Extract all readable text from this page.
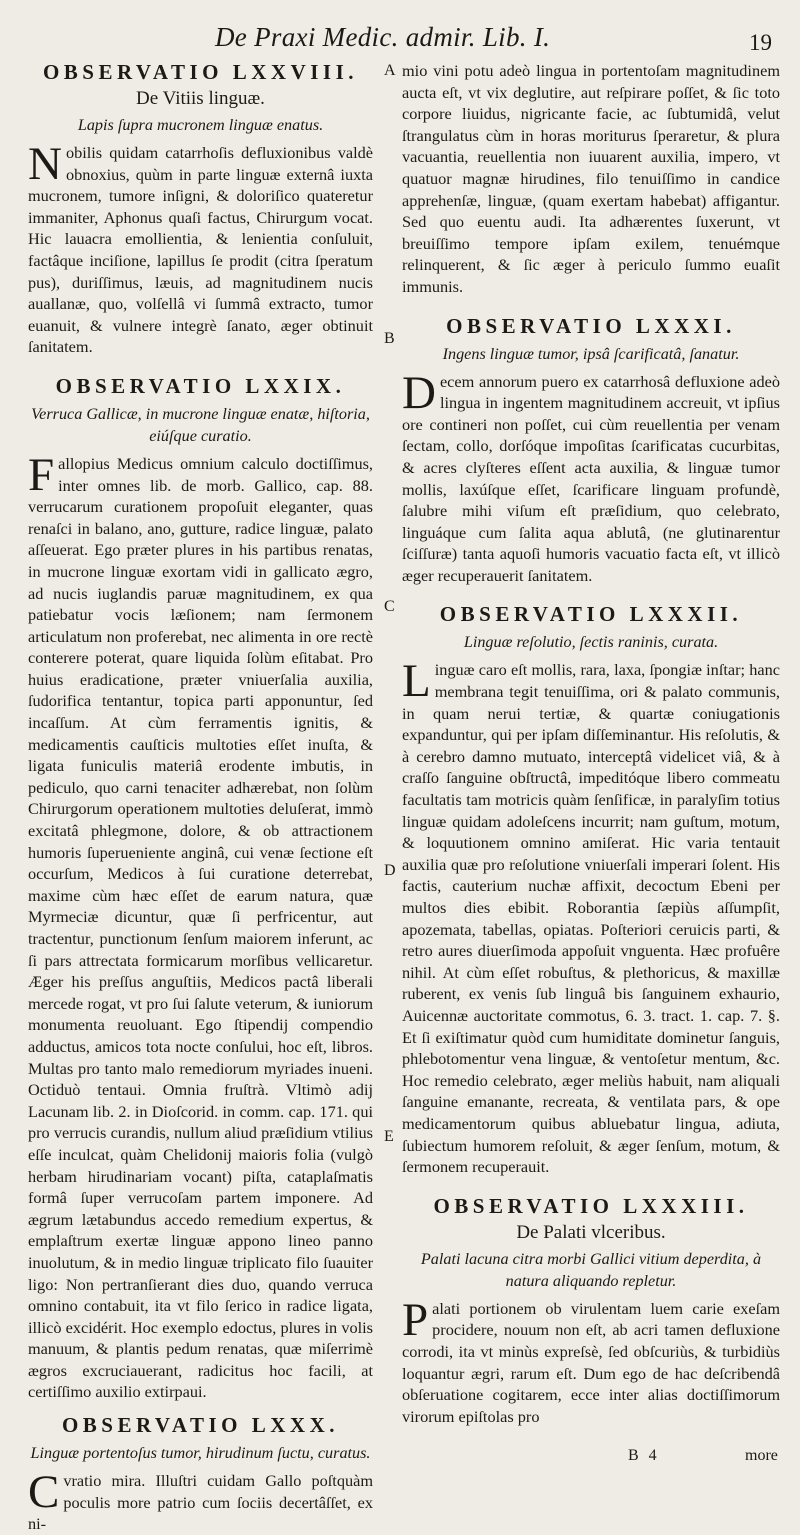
De Praxi Medic. admir. Lib. I.	19
A
B
C
D
E
OBSERVATIO LXXVIII.
De Vitiis linguæ.
Lapis ſupra mucronem linguæ enatus.

Nobilis quidam catarrhoſis defluxionibus valdè obnoxius, quùm in parte linguæ externâ iuxta mucronem, tumore inſigni, & doloriſico quateretur immaniter, Aphonus quaſi factus, Chirurgum vocat. Hic lauacra emollientia, & lenientia conſuluit, factâque inciſione, lapillus ſe prodit (citra ſperatum pus), duriſſimus, læuis, ad magnitudinem nucis auallanæ, quo, volſellâ vi ſummâ extracto, tumor euanuit, & vulnere integrè ſanato, æger obtinuit ſanitatem.

OBSERVATIO LXXIX.
Verruca Gallicæ, in mucrone linguæ enatæ, hiſtoria, eiúſque curatio.

Fallopius Medicus omnium calculo doctiſſimus, inter omnes lib. de morb. Gallico, cap. 88. verrucarum curationem propoſuit eleganter, quas renaſci in balano, ano, gutture, radice linguæ, palato aſſeuerat. Ego præter plures in his partibus renatas, in mucrone linguæ exortam vidi in gallicato ægro, ad nucis iuglandis paruæ magnitudinem, ex qua patiebatur vocis læſionem; nam ſermonem articulatum non proferebat, nec alimenta in ore rectè conterere poterat, quare liquida ſolùm eſitabat. Pro huius eradicatione, præter vniuerſalia auxilia, ſudorifica tentantur, topica parti apponuntur, ſed incaſſum. At cùm ferramentis ignitis, & medicamentis cauſticis multoties eſſet inuſta, & ligata funiculis materiâ erodente imbutis, in pediculo, quo carni tenaciter adhærebat, non ſolùm Chirurgorum operationem multoties deluſerat, immò excitatâ phlegmone, dolore, & ob attractionem humoris ſuperueniente anginâ, cui venæ ſectione eſt occurſum, Medicos à ſui curatione deterrebat, maxime cùm hæc eſſet de earum natura, quæ Myrmeciæ dicuntur, quæ ſi perfricentur, aut tractentur, punctionum ſenſum maiorem inferunt, ac ſi pars attrectata formicarum morſibus vellicaretur. Æger his preſſus anguſtiis, Medicos pactâ liberali mercede rogat, vt pro ſui ſalute veterum, & iuniorum monumenta reuoluant. Ego ſtipendij compendio adductus, amicos tota nocte conſului, hoc eſt, libros. Multas pro tanto malo remediorum myriades inueni. Octiduò tentaui. Omnia fruſtrà. Vltimò adij Lacunam lib. 2. in Dioſcorid. in comm. cap. 171. qui pro verrucis curandis, nullum aliud præſidium vtilius eſſe inculcat, quàm Chelidonij maioris folia (vulgò herbam hirudinariam vocant) piſta, cataplaſmatis formâ ſuper verrucoſam partem imponere. Ad ægrum lætabundus accedo remedium expertus, & emplaſtrum exertæ linguæ appono lineo panno inuolutum, & in medio linguæ triplicato filo ſuauiter ligo: Non pertranſierant dies duo, quando verruca omnino contabuit, ita vt filo ſerico in radice ligata, illicò excidérit. Hoc exemplo edoctus, plures in volis manuum, & plantis pedum renatas, quæ miſerrimè ægros excruciauerant, radicitus hoc facili, at certiſſimo auxilio extirpaui.

OBSERVATIO LXXX.
Linguæ portentoſus tumor, hirudinum ſuctu, curatus.

Cvratio mira. Illuſtri cuidam Gallo poſtquàm poculis more patrio cum ſociis decertâſſet, ex ni-

mio vini potu adeò lingua in portentoſam magnitudinem aucta eſt, vt vix deglutire, aut reſpirare poſſet, & ſic toto corpore liuidus, nigricante facie, ac ſubtumidâ, velut ſtrangulatus cùm in horas moriturus ſperaretur, & plura vacuantia, reuellentia non iuuarent auxilia, impero, vt quatuor magnæ hirudines, filo tenuiſſimo in candice apprehenſæ, linguæ, (quam exertam habebat) affigantur. Sed quo euentu audi. Ita adhærentes ſuxerunt, vt breuiſſimo tempore ipſam exilem, tenuémque relinquerent, & ſic æger à periculo ſummo euaſit immunis.

OBSERVATIO LXXXI.
Ingens linguæ tumor, ipsâ ſcarificatâ, ſanatur.

Decem annorum puero ex catarrhosâ defluxione adeò lingua in ingentem magnitudinem accreuit, vt ipſius ore contineri non poſſet, cui cùm reuellentia per venam ſectam, collo, dorſóque impoſitas ſcarificatas cucurbitas, & acres clyſteres eſſent acta auxilia, & linguæ tumor mollis, laxúſque eſſet, ſcarificare linguam profundè, ſalubre mihi viſum eſt præſidium, quo celebrato, linguáque cum ſalita aqua ablutâ, (ne glutinarentur ſciſſuræ) tanta aquoſi humoris vacuatio facta eſt, vt illicò æger recuperauerit ſanitatem.

OBSERVATIO LXXXII.
Linguæ reſolutio, ſectis raninis, curata.

Linguæ caro eſt mollis, rara, laxa, ſpongiæ inſtar; hanc membrana tegit tenuiſſima, ori & palato communis, in quam nerui tertiæ, & quartæ coniugationis expanduntur, qui per ipſam diſſeminantur. His reſolutis, & à cerebro damno mutuato, interceptâ videlicet viâ, & à craſſo ſanguine obſtructâ, impeditóque libero commeatu facultatis tam motricis quàm ſenſificæ, in paralyſim totius linguæ quidam adoleſcens incurrit; nam guſtum, motum, & loquutionem omnino amiſerat. Hic varia tentauit auxilia quæ pro reſolutione vniuerſali imperari ſolent. His factis, cauterium nuchæ affixit, decoctum Ebeni per multos dies ebibit. Roborantia ſæpiùs aſſumpſit, apozemata, tabellas, opiatas. Poſteriori ceruicis parti, & retro aures diuerſimoda appoſuit vnguenta. Hæc profuêre nihil. At cùm eſſet robuſtus, & plethoricus, & maxillæ ruberent, ex venis ſub linguâ bis ſanguinem exhaurio, Auicennæ auctoritate commotus, 6. 3. tract. 1. cap. 7. §. Et ſi exiſtimatur quòd cum humiditate dominetur ſanguis, phlebotomentur vena linguæ, & ventoſetur mentum, &c. Hoc remedio celebrato, æger meliùs habuit, nam aliquali ſanguine emanante, recreata, & ventilata pars, & ope medicamentorum quibus abluebatur lingua, adiuta, ſubiectum humorem reſoluit, & æger ſenſum, motum, & ſermonem recuperauit.

OBSERVATIO LXXXIII.
De Palati vlceribus.
Palati lacuna citra morbi Gallici vitium deperdita, à natura aliquando repletur.

Palati portionem ob virulentam luem carie exeſam procidere, nouum non eſt, ab acri tamen defluxione corrodi, ita vt minùs expreſsè, ſed obſcuriùs, & turbidiùs loquantur ægri, rarum eſt. Dum ego de hac deſcribendâ obſeruatione cogitarem, ecce inter alias doctiſſimorum virorum epiſtolas pro

B 4	more
